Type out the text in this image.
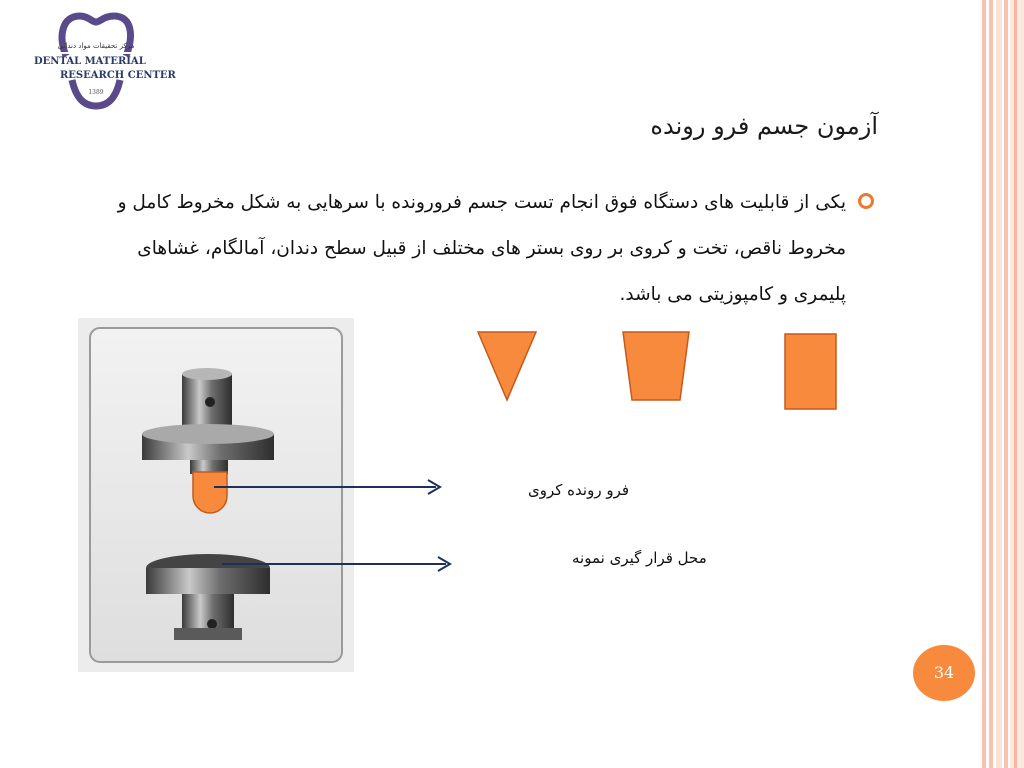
مرکز تحقیقات مواد دندانی
DENTAL MATERIAL
RESEARCH CENTER
1389
آزمون جسم فرو رونده
یکی از قابلیت های دستگاه فوق انجام تست جسم فرورونده با سرهایی به شکل مخروط کامل و مخروط ناقص، تخت و کروی بر روی بستر های مختلف از قبیل سطح دندان، آمالگام، غشاهای پلیمری و کامپوزیتی می باشد.
فرو رونده کروی
محل قرار گیری نمونه
34
